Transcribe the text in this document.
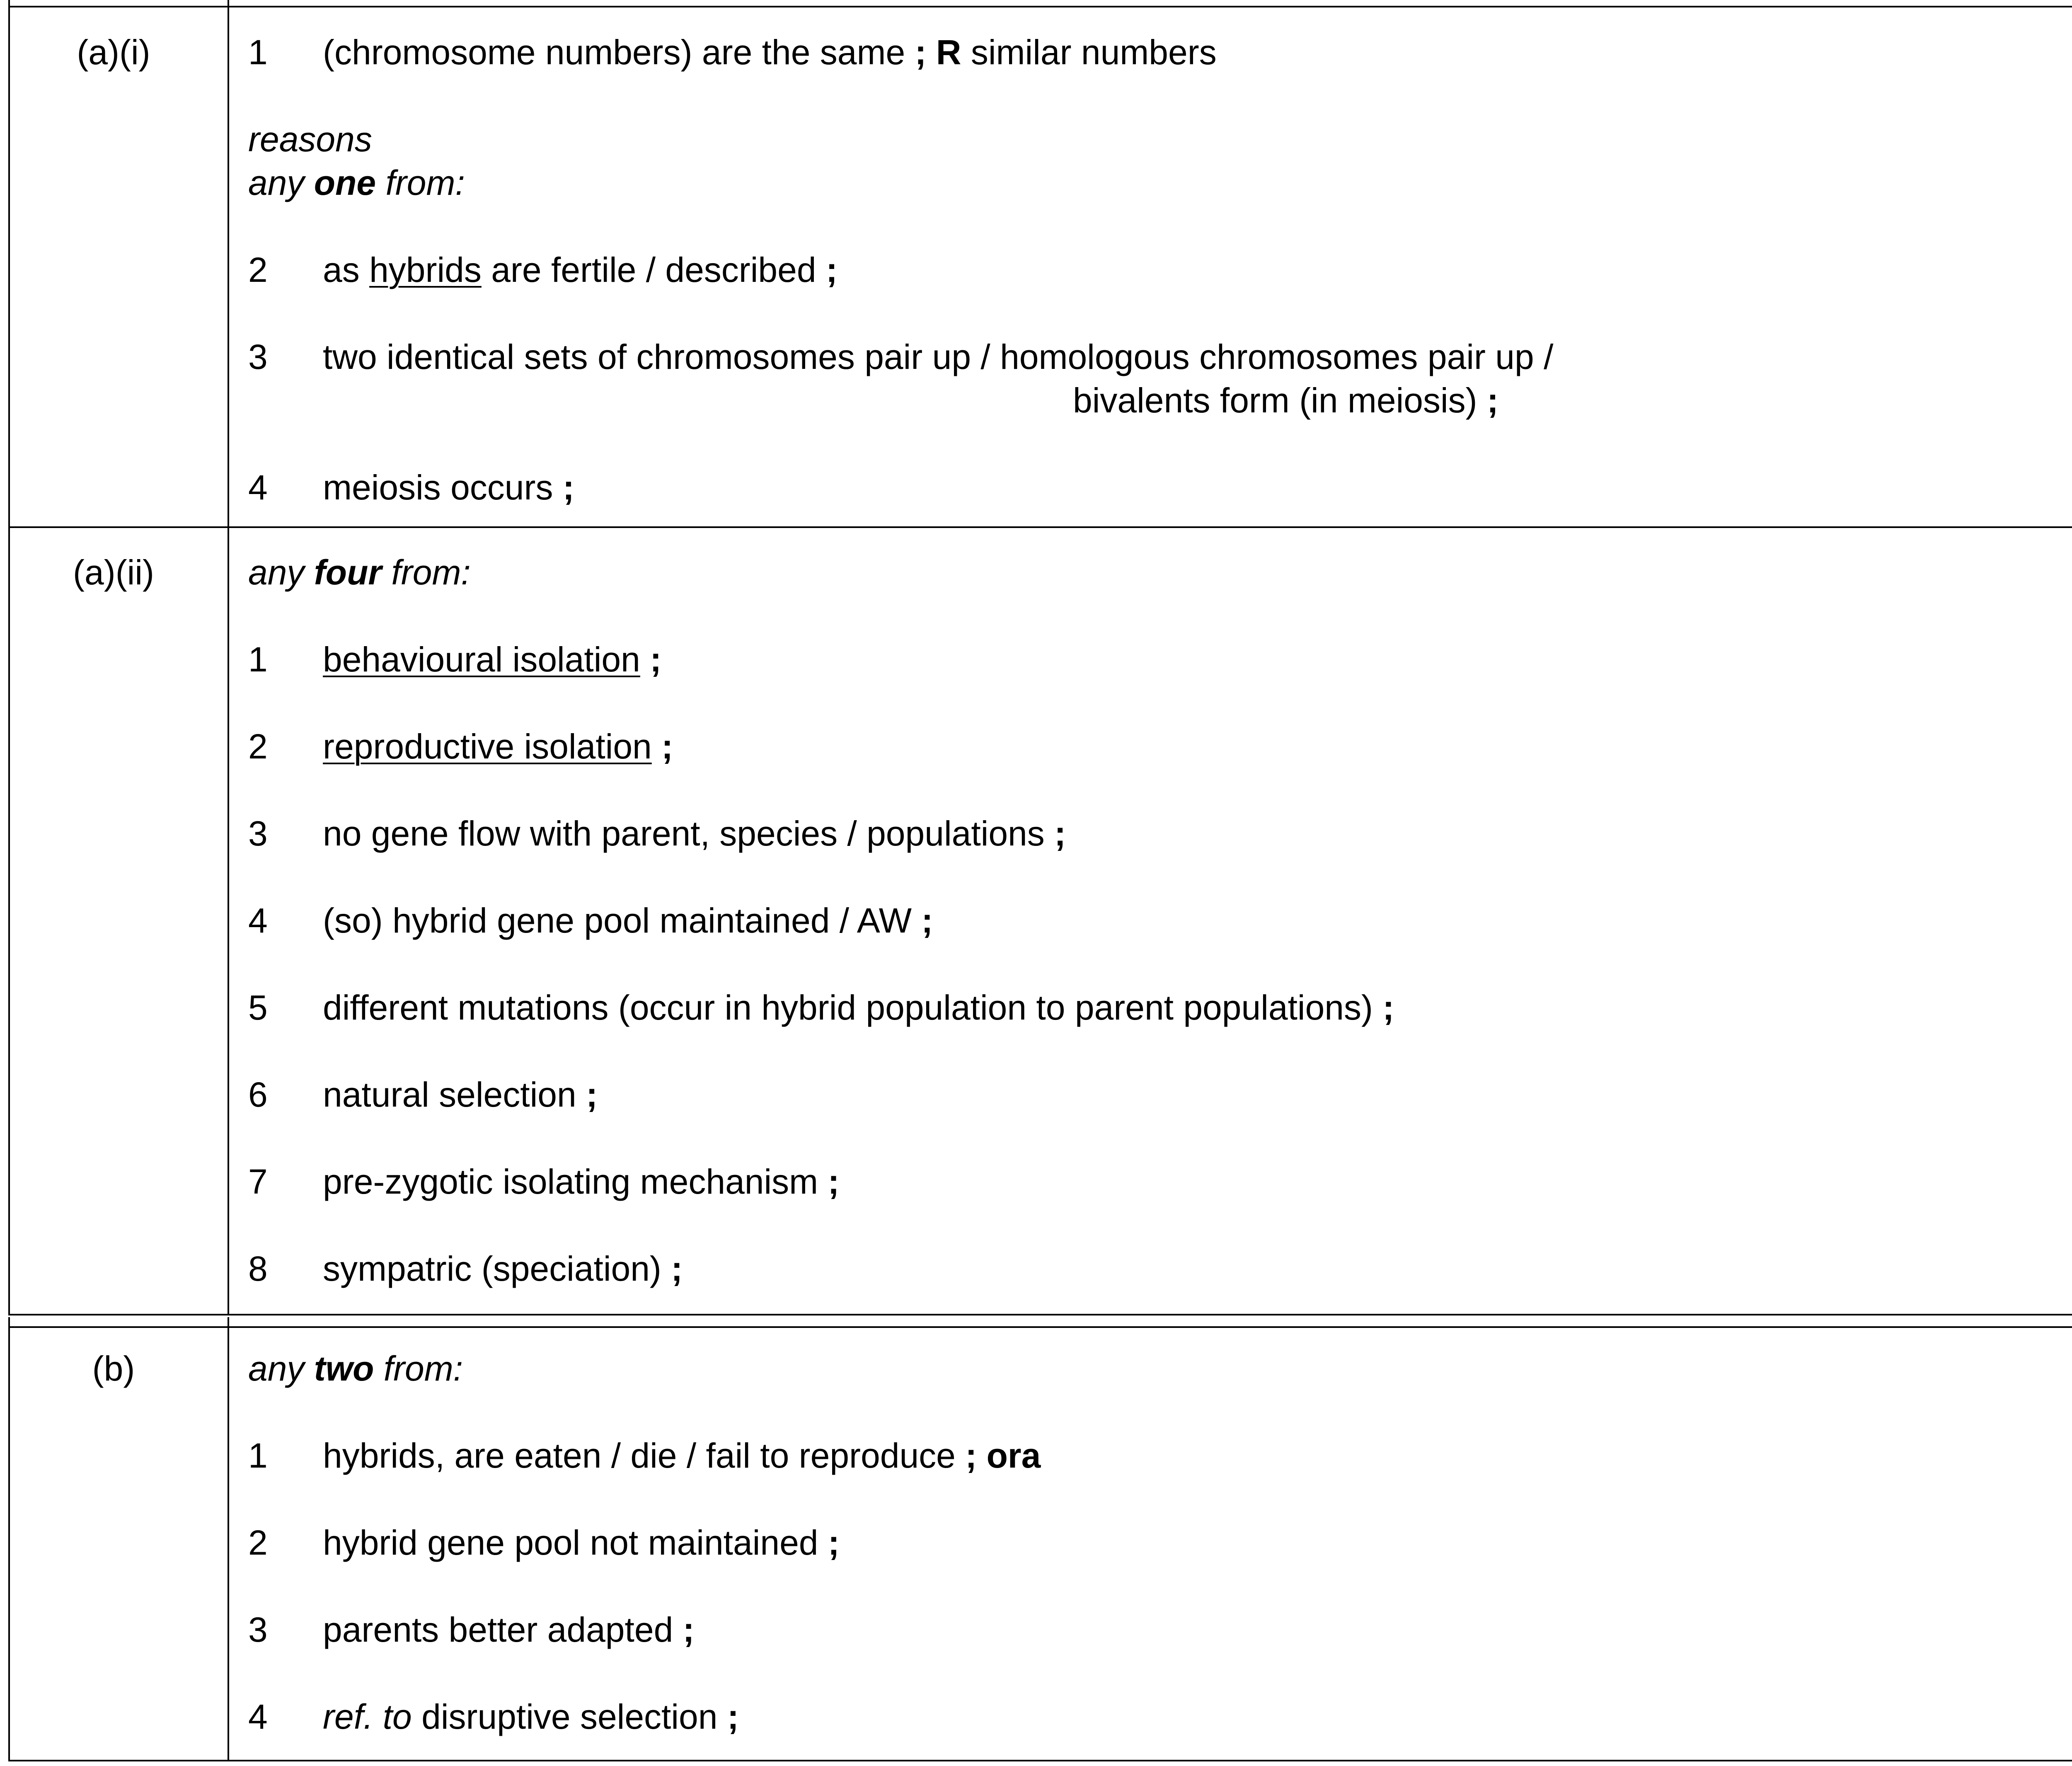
(a)(i)	1 (chromosome numbers) are the same ; R similar numbers
reasons
any one from:
2 as hybrids are fertile / described ;
3 two identical sets of chromosomes pair up / homologous chromosomes pair up /
bivalents form (in meiosis) ;
4 meiosis occurs ;
(a)(ii)	any four from:
1 behavioural isolation ;
2 reproductive isolation ;
3 no gene flow with parent, species / populations ;
4 (so) hybrid gene pool maintained / AW ;
5 different mutations (occur in hybrid population to parent populations) ;
6 natural selection ;
7 pre-zygotic isolating mechanism ;
8 sympatric (speciation) ;
(b)	any two from:
1 hybrids, are eaten / die / fail to reproduce ; ora
2 hybrid gene pool not maintained ;
3 parents better adapted ;
4 ref. to disruptive selection ;
